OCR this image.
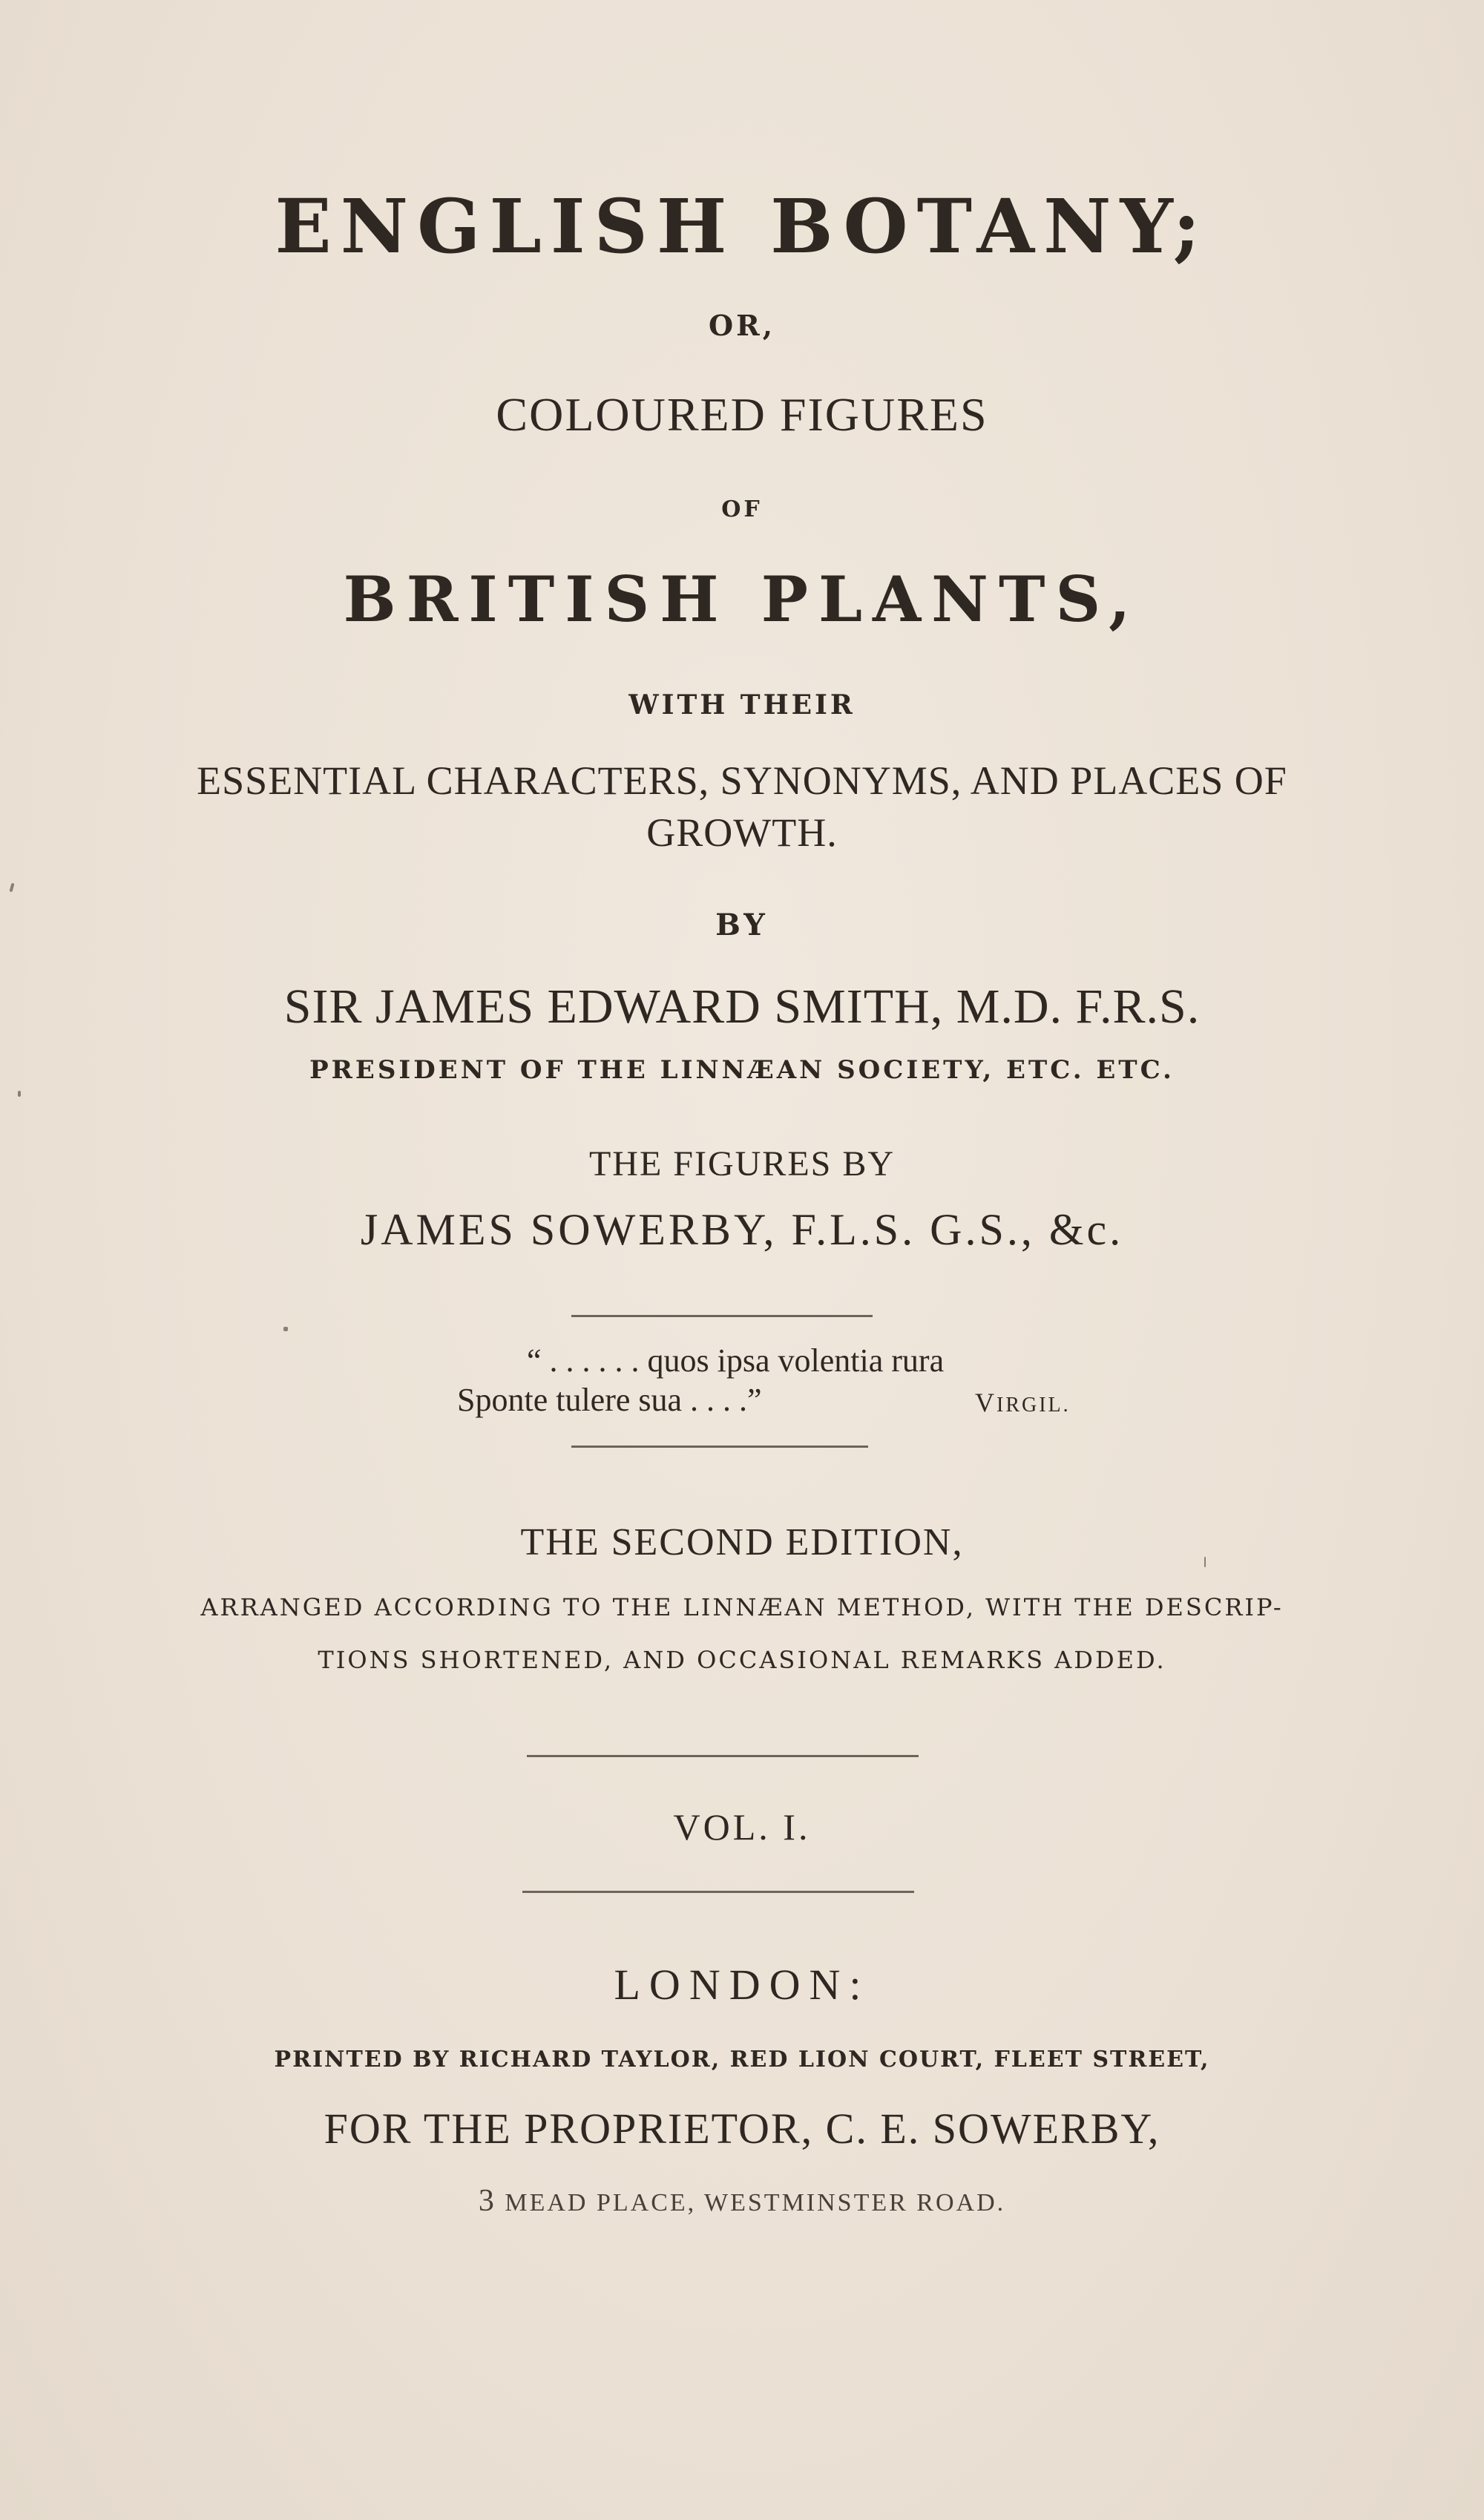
ENGLISH BOTANY;
OR,
COLOURED FIGURES
OF
BRITISH PLANTS,
WITH THEIR
ESSENTIAL CHARACTERS, SYNONYMS, AND PLACES OF
GROWTH.
BY
SIR JAMES EDWARD SMITH, M.D. F.R.S.
PRESIDENT OF THE LINNÆAN SOCIETY, ETC. ETC.
THE FIGURES BY
JAMES SOWERBY, F.L.S. G.S., &c.
“ . . . . . . quos ipsa volentia rura
Sponte tulere sua . . . .”	VIRGIL.
THE SECOND EDITION,
ARRANGED ACCORDING TO THE LINNÆAN METHOD, WITH THE DESCRIP-
TIONS SHORTENED, AND OCCASIONAL REMARKS ADDED.
VOL. I.
LONDON:
PRINTED BY RICHARD TAYLOR, RED LION COURT, FLEET STREET,
FOR THE PROPRIETOR, C. E. SOWERBY,
3 MEAD PLACE, WESTMINSTER ROAD.
